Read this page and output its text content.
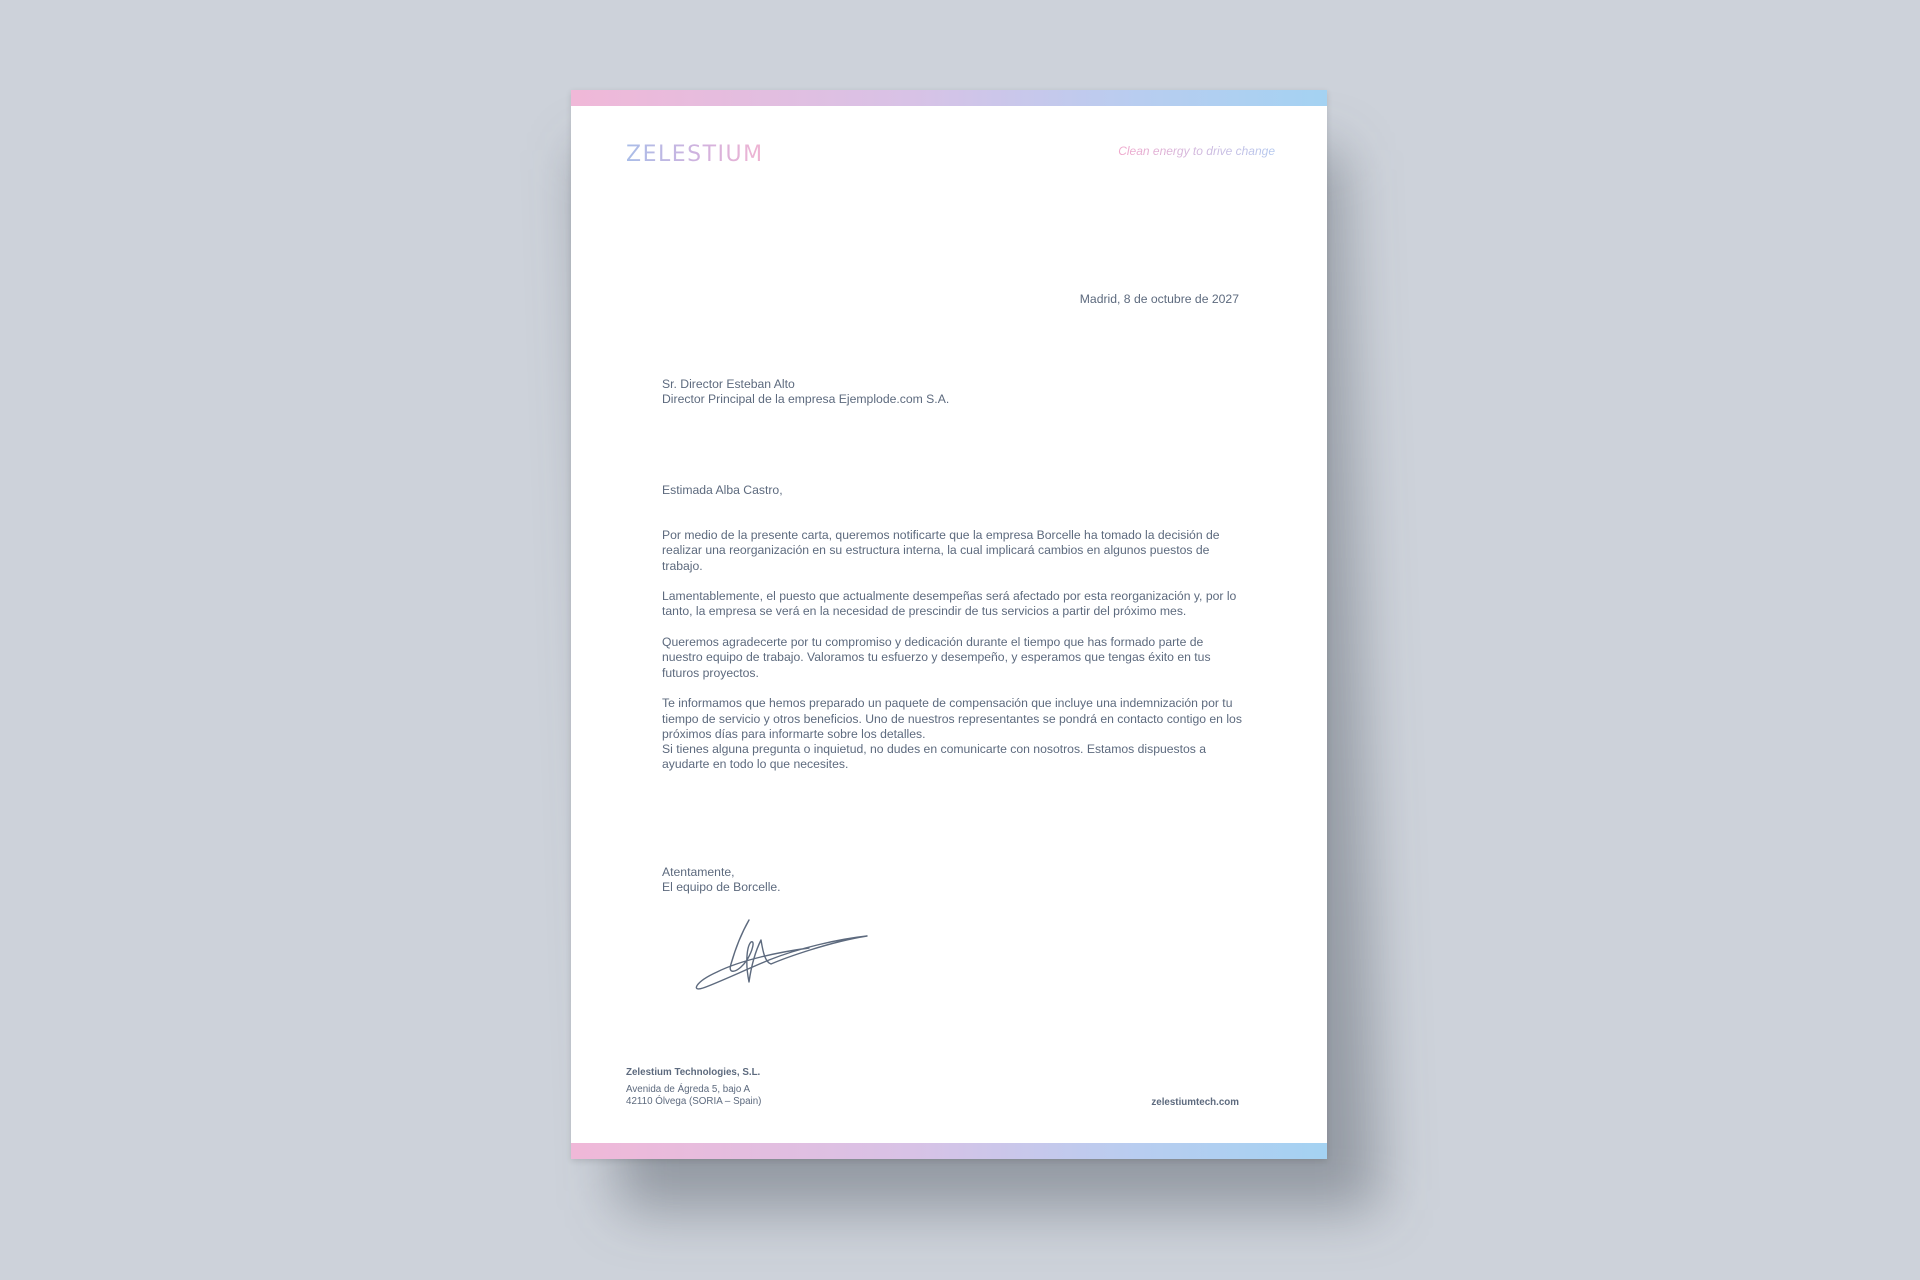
ZELESTIUM	Clean energy to drive change
Madrid, 8 de octubre de 2027
Sr. Director Esteban Alto
Director Principal de la empresa Ejemplode.com S.A.
Estimada Alba Castro,

Por medio de la presente carta, queremos notificarte que la empresa Borcelle ha tomado la decisión de realizar una reorganización en su estructura interna, la cual implicará cambios en algunos puestos de trabajo.

Lamentablemente, el puesto que actualmente desempeñas será afectado por esta reorganización y, por lo tanto, la empresa se verá en la necesidad de prescindir de tus servicios a partir del próximo mes.

Queremos agradecerte por tu compromiso y dedicación durante el tiempo que has formado parte de nuestro equipo de trabajo. Valoramos tu esfuerzo y desempeño, y esperamos que tengas éxito en tus futuros proyectos.

Te informamos que hemos preparado un paquete de compensación que incluye una indemnización por tu tiempo de servicio y otros beneficios. Uno de nuestros representantes se pondrá en contacto contigo en los próximos días para informarte sobre los detalles.
Si tienes alguna pregunta o inquietud, no dudes en comunicarte con nosotros. Estamos dispuestos a ayudarte en todo lo que necesites.
Atentamente,
El equipo de Borcelle.
Zelestium Technologies, S.L.
Avenida de Ágreda 5, bajo A
42110 Ólvega (SORIA – Spain)	zelestiumtech.com
